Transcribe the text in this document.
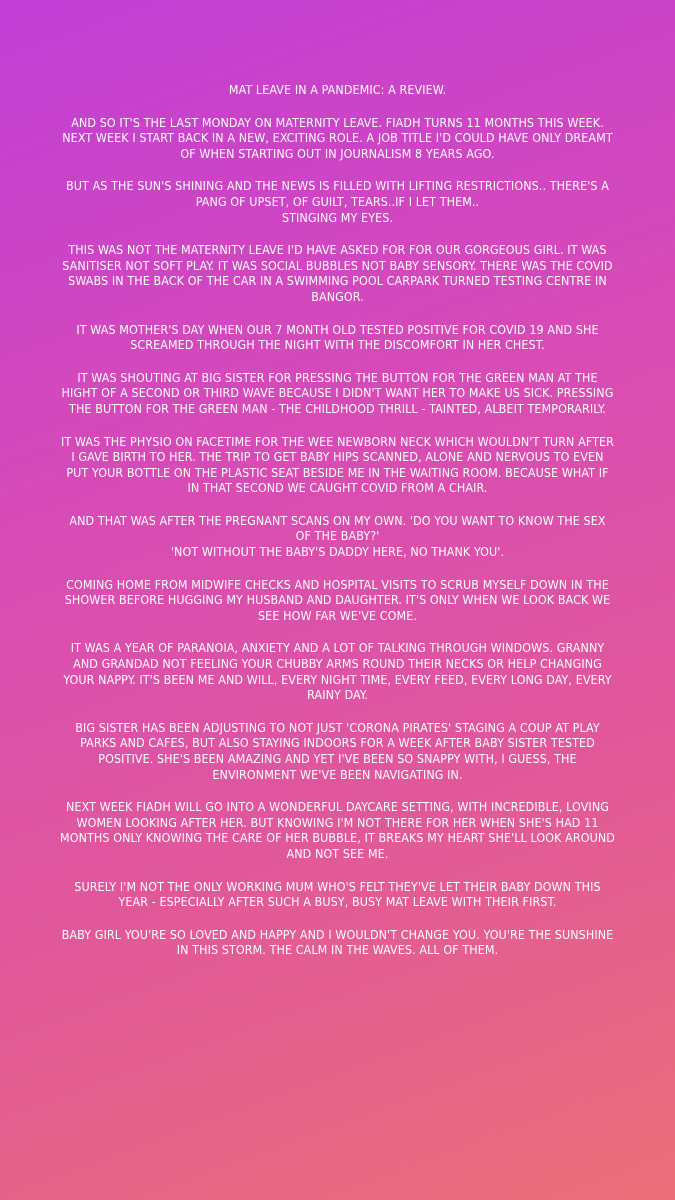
MAT LEAVE IN A PANDEMIC: A REVIEW.

AND SO IT'S THE LAST MONDAY ON MATERNITY LEAVE. FIADH TURNS 11 MONTHS THIS WEEK. NEXT WEEK I START BACK IN A NEW, EXCITING ROLE. A JOB TITLE I'D COULD HAVE ONLY DREAMT OF WHEN STARTING OUT IN JOURNALISM 8 YEARS AGO.

BUT AS THE SUN'S SHINING AND THE NEWS IS FILLED WITH LIFTING RESTRICTIONS.. THERE'S A PANG OF UPSET, OF GUILT, TEARS..IF I LET THEM..
STINGING MY EYES.

THIS WAS NOT THE MATERNITY LEAVE I'D HAVE ASKED FOR FOR OUR GORGEOUS GIRL. IT WAS SANITISER NOT SOFT PLAY. IT WAS SOCIAL BUBBLES NOT BABY SENSORY. THERE WAS THE COVID SWABS IN THE BACK OF THE CAR IN A SWIMMING POOL CARPARK TURNED TESTING CENTRE IN BANGOR.

IT WAS MOTHER'S DAY WHEN OUR 7 MONTH OLD TESTED POSITIVE FOR COVID 19 AND SHE SCREAMED THROUGH THE NIGHT WITH THE DISCOMFORT IN HER CHEST.

IT WAS SHOUTING AT BIG SISTER FOR PRESSING THE BUTTON FOR THE GREEN MAN AT THE HIGHT OF A SECOND OR THIRD WAVE BECAUSE I DIDN'T WANT HER TO MAKE US SICK. PRESSING THE BUTTON FOR THE GREEN MAN - THE CHILDHOOD THRILL - TAINTED, ALBEIT TEMPORARILY.

IT WAS THE PHYSIO ON FACETIME FOR THE WEE NEWBORN NECK WHICH WOULDN'T TURN AFTER I GAVE BIRTH TO HER. THE TRIP TO GET BABY HIPS SCANNED, ALONE AND NERVOUS TO EVEN PUT YOUR BOTTLE ON THE PLASTIC SEAT BESIDE ME IN THE WAITING ROOM. BECAUSE WHAT IF IN THAT SECOND WE CAUGHT COVID FROM A CHAIR.

AND THAT WAS AFTER THE PREGNANT SCANS ON MY OWN. 'DO YOU WANT TO KNOW THE SEX OF THE BABY?'
'NOT WITHOUT THE BABY'S DADDY HERE, NO THANK YOU'.

COMING HOME FROM MIDWIFE CHECKS AND HOSPITAL VISITS TO SCRUB MYSELF DOWN IN THE SHOWER BEFORE HUGGING MY HUSBAND AND DAUGHTER. IT'S ONLY WHEN WE LOOK BACK WE SEE HOW FAR WE'VE COME.

IT WAS A YEAR OF PARANOIA, ANXIETY AND A LOT OF TALKING THROUGH WINDOWS. GRANNY AND GRANDAD NOT FEELING YOUR CHUBBY ARMS ROUND THEIR NECKS OR HELP CHANGING YOUR NAPPY. IT'S BEEN ME AND WILL, EVERY NIGHT TIME, EVERY FEED, EVERY LONG DAY, EVERY RAINY DAY.

BIG SISTER HAS BEEN ADJUSTING TO NOT JUST 'CORONA PIRATES' STAGING A COUP AT PLAY PARKS AND CAFES, BUT ALSO STAYING INDOORS FOR A WEEK AFTER BABY SISTER TESTED POSITIVE. SHE'S BEEN AMAZING AND YET I'VE BEEN SO SNAPPY WITH, I GUESS, THE ENVIRONMENT WE'VE BEEN NAVIGATING IN.

NEXT WEEK FIADH WILL GO INTO A WONDERFUL DAYCARE SETTING, WITH INCREDIBLE, LOVING WOMEN LOOKING AFTER HER. BUT KNOWING I'M NOT THERE FOR HER WHEN SHE'S HAD 11 MONTHS ONLY KNOWING THE CARE OF HER BUBBLE, IT BREAKS MY HEART SHE'LL LOOK AROUND AND NOT SEE ME.

SURELY I'M NOT THE ONLY WORKING MUM WHO'S FELT THEY'VE LET THEIR BABY DOWN THIS YEAR - ESPECIALLY AFTER SUCH A BUSY, BUSY MAT LEAVE WITH THEIR FIRST.

BABY GIRL YOU'RE SO LOVED AND HAPPY AND I WOULDN'T CHANGE YOU. YOU'RE THE SUNSHINE IN THIS STORM. THE CALM IN THE WAVES. ALL OF THEM.
